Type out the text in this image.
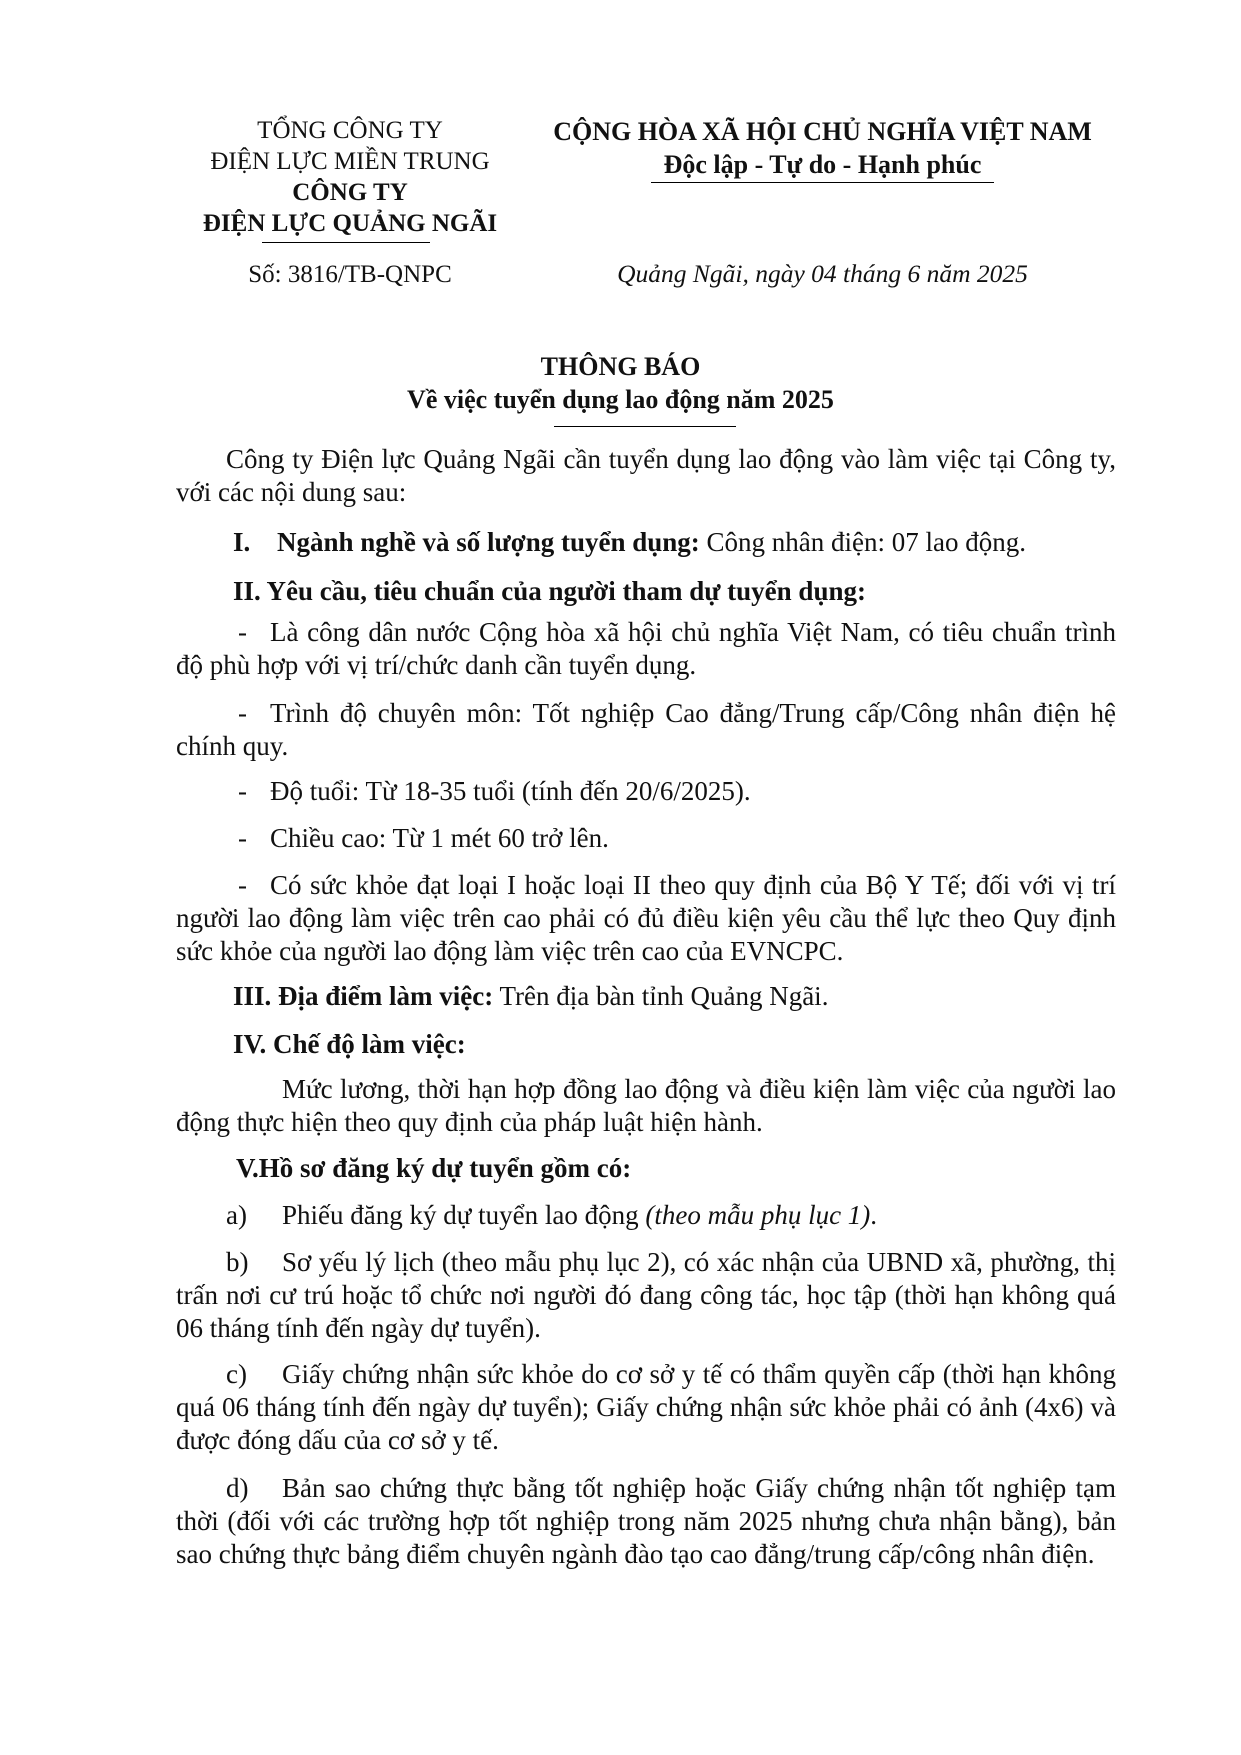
TỔNG CÔNG TY
ĐIỆN LỰC MIỀN TRUNG
CÔNG TY
ĐIỆN LỰC QUẢNG NGÃI
Số: 3816/TB-QNPC
CỘNG HÒA XÃ HỘI CHỦ NGHĨA VIỆT NAM
Độc lập - Tự do - Hạnh phúc
Quảng Ngãi, ngày 04 tháng 6 năm 2025
THÔNG BÁO
Về việc tuyển dụng lao động năm 2025
Công ty Điện lực Quảng Ngãi cần tuyển dụng lao động vào làm việc tại Công ty, với các nội dung sau:
I. Ngành nghề và số lượng tuyển dụng: Công nhân điện: 07 lao động.
II. Yêu cầu, tiêu chuẩn của người tham dự tuyển dụng:
- Là công dân nước Cộng hòa xã hội chủ nghĩa Việt Nam, có tiêu chuẩn trình độ phù hợp với vị trí/chức danh cần tuyển dụng.
- Trình độ chuyên môn: Tốt nghiệp Cao đẳng/Trung cấp/Công nhân điện hệ chính quy.
- Độ tuổi: Từ 18-35 tuổi (tính đến 20/6/2025).
- Chiều cao: Từ 1 mét 60 trở lên.
- Có sức khỏe đạt loại I hoặc loại II theo quy định của Bộ Y Tế; đối với vị trí người lao động làm việc trên cao phải có đủ điều kiện yêu cầu thể lực theo Quy định sức khỏe của người lao động làm việc trên cao của EVNCPC.
III. Địa điểm làm việc: Trên địa bàn tỉnh Quảng Ngãi.
IV. Chế độ làm việc:
Mức lương, thời hạn hợp đồng lao động và điều kiện làm việc của người lao động thực hiện theo quy định của pháp luật hiện hành.
V.Hồ sơ đăng ký dự tuyển gồm có:
a) Phiếu đăng ký dự tuyển lao động (theo mẫu phụ lục 1).
b) Sơ yếu lý lịch (theo mẫu phụ lục 2), có xác nhận của UBND xã, phường, thị trấn nơi cư trú hoặc tổ chức nơi người đó đang công tác, học tập (thời hạn không quá 06 tháng tính đến ngày dự tuyển).
c) Giấy chứng nhận sức khỏe do cơ sở y tế có thẩm quyền cấp (thời hạn không quá 06 tháng tính đến ngày dự tuyển); Giấy chứng nhận sức khỏe phải có ảnh (4x6) và được đóng dấu của cơ sở y tế.
d) Bản sao chứng thực bằng tốt nghiệp hoặc Giấy chứng nhận tốt nghiệp tạm thời (đối với các trường hợp tốt nghiệp trong năm 2025 nhưng chưa nhận bằng), bản sao chứng thực bảng điểm chuyên ngành đào tạo cao đẳng/trung cấp/công nhân điện.
